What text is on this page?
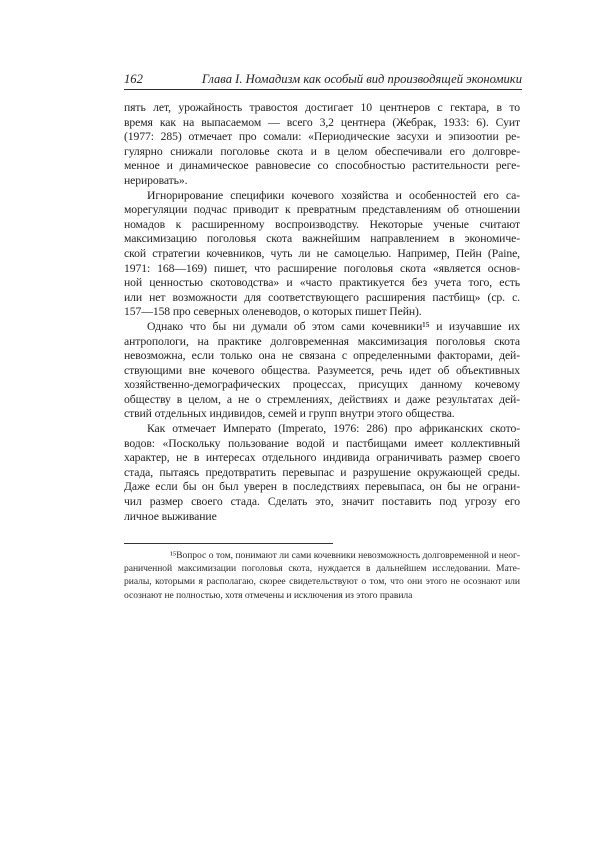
162	Глава I. Номадизм как особый вид производящей экономики
пять лет, урожайность травостоя достигает 10 центнеров с гектара, в то
время как на выпасаемом — всего 3,2 центнера (Жебрак, 1933: 6). Суит
(1977: 285) отмечает про сомали: «Периодические засухи и эпизоотии ре-
гулярно снижали поголовье скота и в целом обеспечивали его долговре-
менное и динамическое равновесие со способностью растительности реге-
нерировать».
Игнорирование специфики кочевого хозяйства и особенностей его са-
морегуляции подчас приводит к превратным представлениям об отношении
номадов к расширенному воспроизводству. Некоторые ученые считают
максимизацию поголовья скота важнейшим направлением в экономиче-
ской стратегии кочевников, чуть ли не самоцелью. Например, Пейн (Paine,
1971: 168—169) пишет, что расширение поголовья скота «является основ-
ной ценностью скотоводства» и «часто практикуется без учета того, есть
или нет возможности для соответствующего расширения пастбищ» (ср. с.
157—158 про северных оленеводов, о которых пишет Пейн).
Однако что бы ни думали об этом сами кочевники¹⁵ и изучавшие их
антропологи, на практике долговременная максимизация поголовья скота
невозможна, если только она не связана с определенными факторами, дей-
ствующими вне кочевого общества. Разумеется, речь идет об объективных
хозяйственно-демографических процессах, присущих данному кочевому
обществу в целом, а не о стремлениях, действиях и даже результатах дей-
ствий отдельных индивидов, семей и групп внутри этого общества.
Как отмечает Императо (Imperato, 1976: 286) про африканских ското-
водов: «Поскольку пользование водой и пастбищами имеет коллективный
характер, не в интересах отдельного индивида ограничивать размер своего
стада, пытаясь предотвратить перевыпас и разрушение окружающей среды.
Даже если бы он был уверен в последствиях перевыпаса, он бы не ограни-
чил размер своего стада. Сделать это, значит поставить под угрозу его
личное выживание
¹⁵Вопрос о том, понимают ли сами кочевники невозможность долговременной и неог-
раниченной максимизации поголовья скота, нуждается в дальнейшем исследовании. Мате-
риалы, которыми я располагаю, скорее свидетельствуют о том, что они этого не осознают или
осознают не полностью, хотя отмечены и исключения из этого правила
